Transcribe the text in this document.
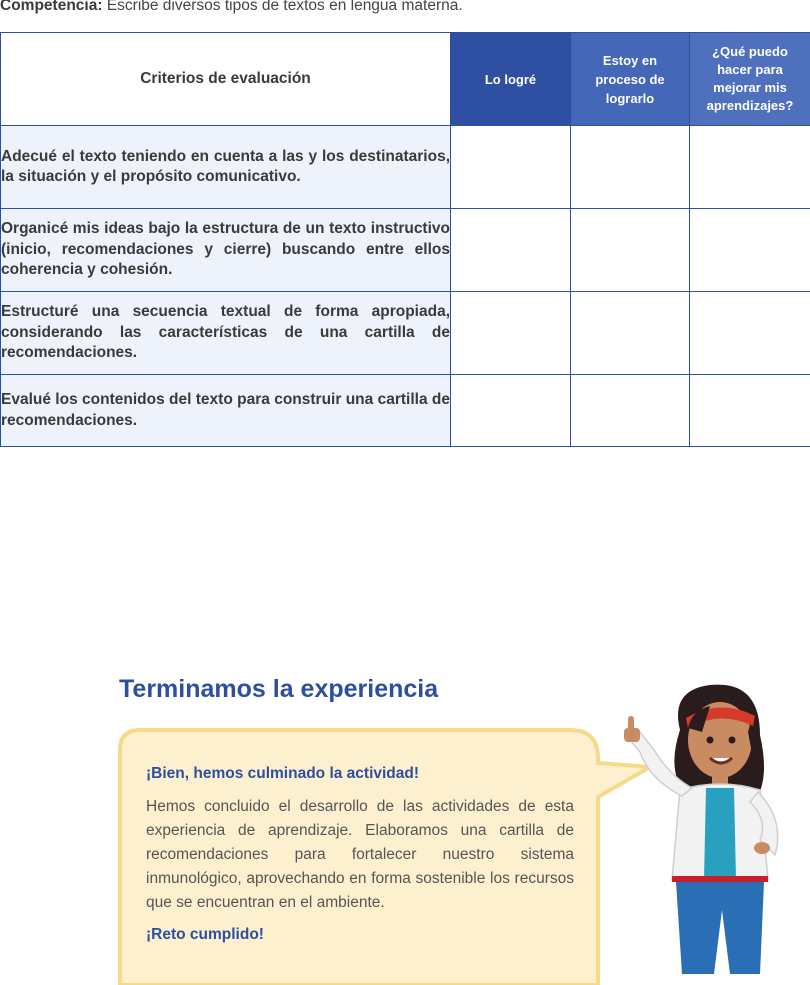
Competencia: Escribe diversos tipos de textos en lengua materna.
Criterios de evaluación	Lo logré	Estoy en
proceso de
lograrlo	¿Qué puedo
hacer para
mejorar mis
aprendizajes?
Adecué el texto teniendo en cuenta a las y los destinatarios, la situación y el propósito comunicativo.			
Organicé mis ideas bajo la estructura de un texto instructivo (inicio, recomendaciones y cierre) buscando entre ellos coherencia y cohesión.			
Estructuré una secuencia textual de forma apropiada, considerando las características de una cartilla de recomendaciones.			
Evalué los contenidos del texto para construir una cartilla de recomendaciones.			
Terminamos la experiencia

¡Bien, hemos culminado la actividad!

Hemos concluido el desarrollo de las actividades de esta experiencia de aprendizaje. Elaboramos una cartilla de recomendaciones para fortalecer nuestro sistema inmunológico, aprovechando en forma sostenible los recursos que se encuentran en el ambiente.

¡Reto cumplido!
